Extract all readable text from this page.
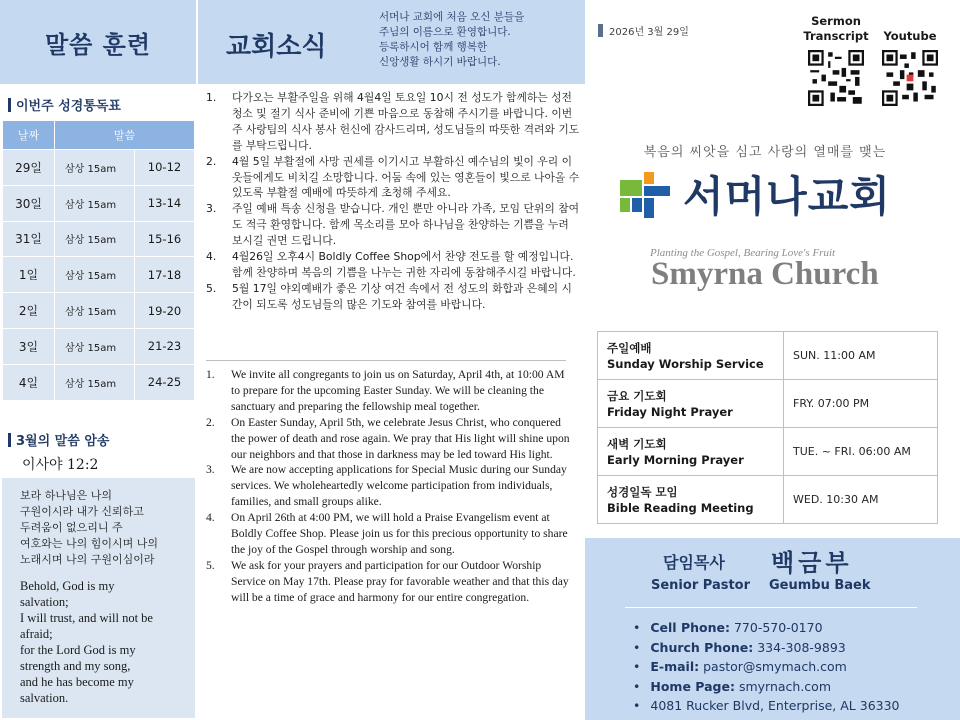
말씀 훈련
이번주 성경통독표
날짜	말씀	
29일	삼상 15am	10-12
30일	삼상 15am	13-14
31일	삼상 15am	15-16
1일	삼상 15am	17-18
2일	삼상 15am	19-20
3일	삼상 15am	21-23
4일	삼상 15am	24-25
3월의 말씀 암송
이사야 12:2
보라 하나님은 나의
구원이시라 내가 신뢰하고
두려움이 없으리니 주
여호와는 나의 힘이시며 나의
노래시며 나의 구원이심이라
Behold, God is my
salvation;
I will trust, and will not be
afraid;
for the Lord God is my
strength and my song,
and he has become my
salvation.
교회소식
서머나 교회에 처음 오신 분들을
주님의 이름으로 환영합니다.
등록하시어 함께 행복한
신앙생활 하시기 바랍니다.
1. 다가오는 부활주일을 위해 4월4일 토요일 10시 전 성도가 함께하는 성전 청소 및 절기 식사 준비에 기쁜 마음으로 동참해 주시기를 바랍니다. 이번주 사랑팀의 식사 봉사 헌신에 감사드리며, 성도님들의 따뜻한 격려와 기도를 부탁드립니다.
2. 4월 5일 부활절에 사망 권세를 이기시고 부활하신 예수님의 빛이 우리 이웃들에게도 비치길 소망합니다. 어둠 속에 있는 영혼들이 빛으로 나아올 수 있도록 부활절 예배에 따뜻하게 초청해 주세요.
3. 주일 예배 특송 신청을 받습니다. 개인 뿐만 아니라 가족, 모임 단위의 참여도 적극 환영합니다. 함께 목소리를 모아 하나님을 찬양하는 기쁨을 누려 보시길 권면 드립니다.
4. 4월26일 오후4시 Boldly Coffee Shop에서 찬양 전도를 할 예정입니다. 함께 찬양하며 복음의 기쁨을 나누는 귀한 자리에 동참해주시길 바랍니다.
5. 5월 17일 야외예배가 좋은 기상 여건 속에서 전 성도의 화합과 은혜의 시간이 되도록 성도님들의 많은 기도와 참여를 바랍니다.
1. We invite all congregants to join us on Saturday, April 4th, at 10:00 AM to prepare for the upcoming Easter Sunday. We will be cleaning the sanctuary and preparing the fellowship meal together.
2. On Easter Sunday, April 5th, we celebrate Jesus Christ, who conquered the power of death and rose again. We pray that His light will shine upon our neighbors and that those in darkness may be led toward His light.
3. We are now accepting applications for Special Music during our Sunday services. We wholeheartedly welcome participation from individuals, families, and small groups alike.
4. On April 26th at 4:00 PM, we will hold a Praise Evangelism event at Boldly Coffee Shop. Please join us for this precious opportunity to share the joy of the Gospel through worship and song.
5. We ask for your prayers and participation for our Outdoor Worship Service on May 17th. Please pray for favorable weather and that this day will be a time of grace and harmony for our entire congregation.
2026년 3월 29일
Sermon
Transcript	Youtube
복음의 씨앗을 심고 사랑의 열매를 맺는
서머나교회
Planting the Gospel, Bearing Love's Fruit
Smyrna Church
주일예배
Sunday Worship Service	SUN. 11:00 AM

금요 기도회
Friday Night Prayer	FRY. 07:00 PM

새벽 기도회
Early Morning Prayer	TUE. ~ FRI. 06:00 AM

성경일독 모임
Bible Reading Meeting	WED. 10:30 AM
담임목사 백금부
Senior Pastor Geumbu Baek
• Cell Phone: 770-570-0170
• Church Phone: 334-308-9893
• E-mail: pastor@smymach.com
• Home Page: smyrnach.com
• 4081 Rucker Blvd, Enterprise, AL 36330
